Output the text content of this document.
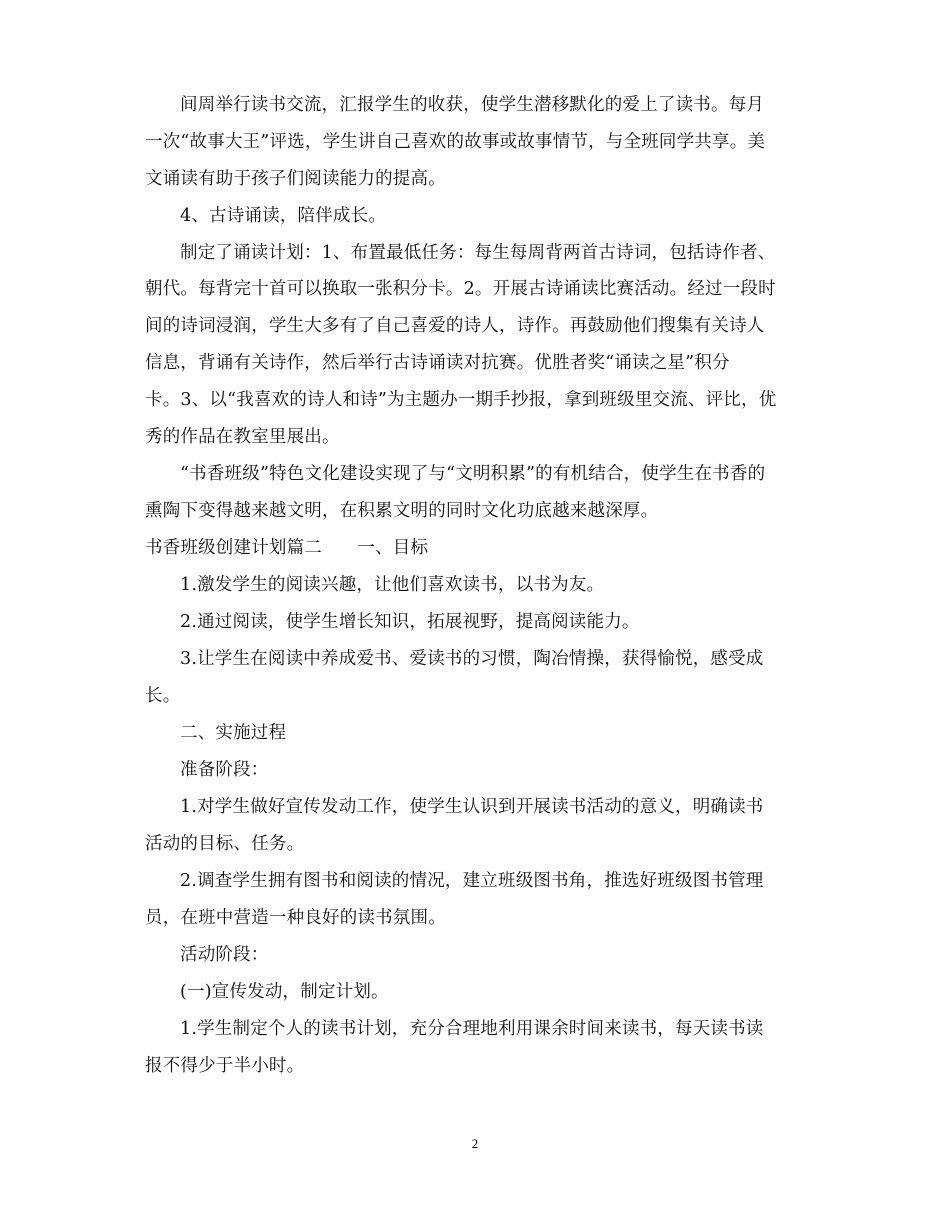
间周举行读书交流，汇报学生的收获，使学生潜移默化的爱上了读书。每月
一次“故事大王”评选，学生讲自己喜欢的故事或故事情节，与全班同学共享。美
文诵读有助于孩子们阅读能力的提高。
4、古诗诵读，陪伴成长。
制定了诵读计划：1、布置最低任务：每生每周背两首古诗词，包括诗作者、
朝代。每背完十首可以换取一张积分卡。2。开展古诗诵读比赛活动。经过一段时
间的诗词浸润，学生大多有了自己喜爱的诗人，诗作。再鼓励他们搜集有关诗人
信息，背诵有关诗作，然后举行古诗诵读对抗赛。优胜者奖“诵读之星”积分
卡。3、以“我喜欢的诗人和诗”为主题办一期手抄报，拿到班级里交流、评比，优
秀的作品在教室里展出。
“书香班级”特色文化建设实现了与“文明积累”的有机结合，使学生在书香的
熏陶下变得越来越文明，在积累文明的同时文化功底越来越深厚。
书香班级创建计划篇二　　一、目标
1.激发学生的阅读兴趣，让他们喜欢读书，以书为友。
2.通过阅读，使学生增长知识，拓展视野，提高阅读能力。
3.让学生在阅读中养成爱书、爱读书的习惯，陶冶情操，获得愉悦，感受成
长。
二、实施过程
准备阶段：
1.对学生做好宣传发动工作，使学生认识到开展读书活动的意义，明确读书
活动的目标、任务。
2.调查学生拥有图书和阅读的情况，建立班级图书角，推选好班级图书管理
员，在班中营造一种良好的读书氛围。
活动阶段：
(一)宣传发动，制定计划。
1.学生制定个人的读书计划，充分合理地利用课余时间来读书，每天读书读
报不得少于半小时。
2
